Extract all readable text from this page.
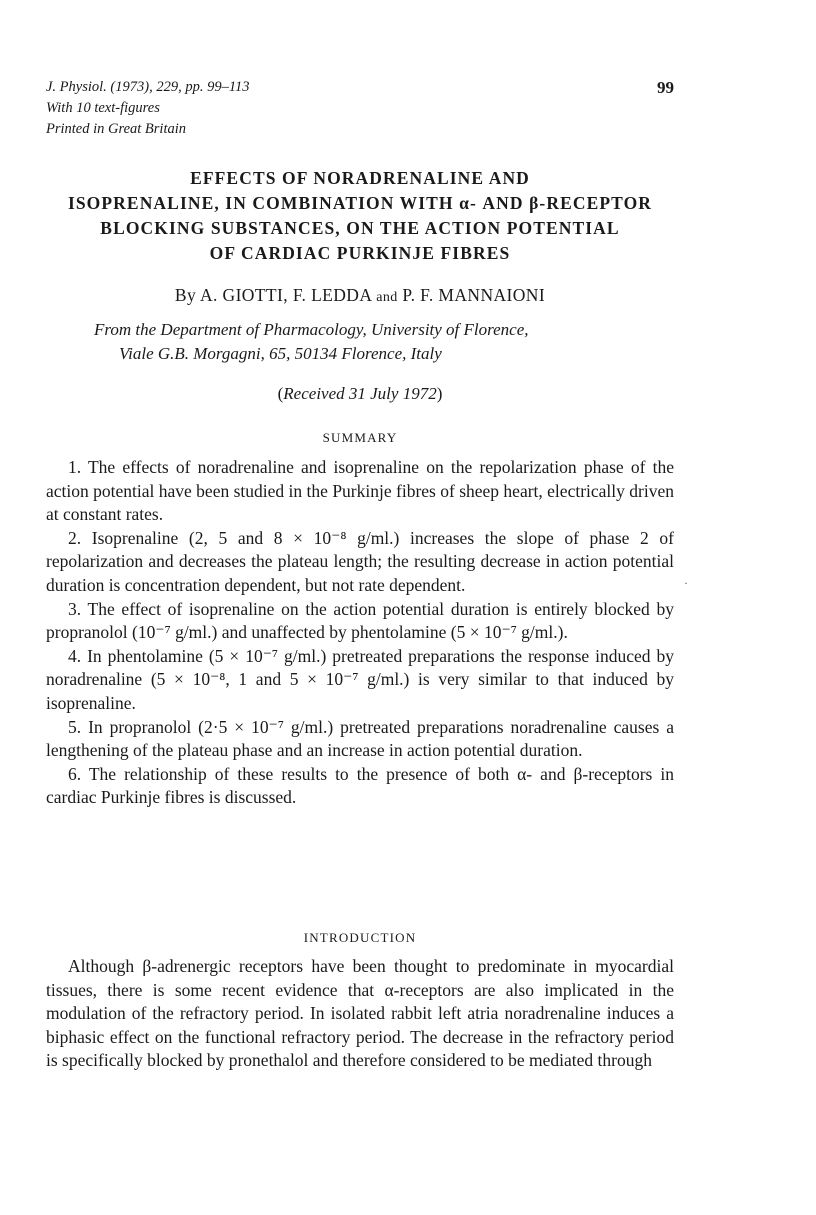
J. Physiol. (1973), 229, pp. 99–113
With 10 text-figures
Printed in Great Britain
99
EFFECTS OF NORADRENALINE AND
ISOPRENALINE, IN COMBINATION WITH α- AND β-RECEPTOR
BLOCKING SUBSTANCES, ON THE ACTION POTENTIAL
OF CARDIAC PURKINJE FIBRES
By A. GIOTTI, F. LEDDA and P. F. MANNAIONI
From the Department of Pharmacology, University of Florence,
Viale G.B. Morgagni, 65, 50134 Florence, Italy
(Received 31 July 1972)
SUMMARY

1. The effects of noradrenaline and isoprenaline on the repolarization phase of the action potential have been studied in the Purkinje fibres of sheep heart, electrically driven at constant rates.

2. Isoprenaline (2, 5 and 8 × 10⁻⁸ g/ml.) increases the slope of phase 2 of repolarization and decreases the plateau length; the resulting decrease in action potential duration is concentration dependent, but not rate dependent.

3. The effect of isoprenaline on the action potential duration is entirely blocked by propranolol (10⁻⁷ g/ml.) and unaffected by phentolamine (5 × 10⁻⁷ g/ml.).

4. In phentolamine (5 × 10⁻⁷ g/ml.) pretreated preparations the response induced by noradrenaline (5 × 10⁻⁸, 1 and 5 × 10⁻⁷ g/ml.) is very similar to that induced by isoprenaline.

5. In propranolol (2·5 × 10⁻⁷ g/ml.) pretreated preparations noradrenaline causes a lengthening of the plateau phase and an increase in action potential duration.

6. The relationship of these results to the presence of both α- and β-receptors in cardiac Purkinje fibres is discussed.

INTRODUCTION

Although β-adrenergic receptors have been thought to predominate in myocardial tissues, there is some recent evidence that α-receptors are also implicated in the modulation of the refractory period. In isolated rabbit left atria noradrenaline induces a biphasic effect on the functional refractory period. The decrease in the refractory period is specifically blocked by pronethalol and therefore considered to be mediated through

·
